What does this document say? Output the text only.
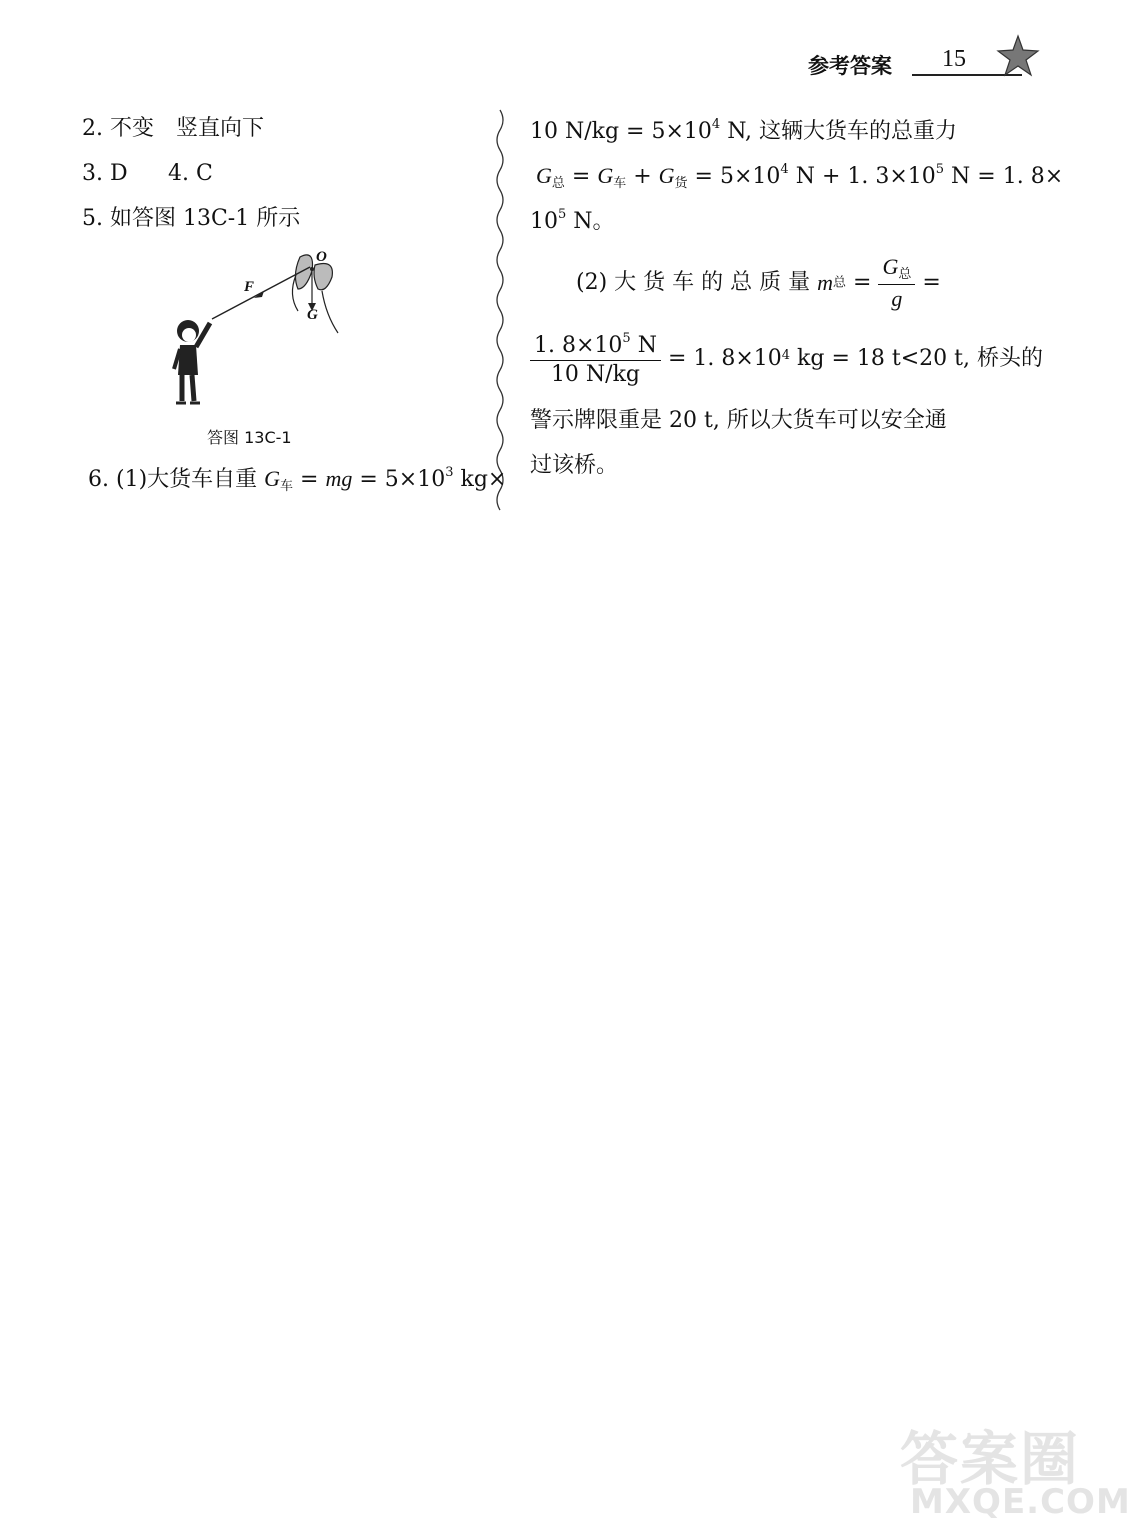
参考答案 15
2. 不变　竖直向下
3. D 4. C
5. 如答图 13C-1 所示
F
O
G
答图 13C-1
6. (1)大货车自重 $G_车$ = mg = $5\times 10^3$ kg×
10 $N/kg = 5\times 10^4$ N, 这辆大货车的总重力
$G_总 = G_车 + G_货 = 5\times 10^4$ N + 1. $3\times 10^5$ N = 1. 8×
$10^5$ N。
(2) 大 货 车 的 总 质 量 m总 = $\frac{G_总}{g}$ =
$\frac{1. 8\times 10^5 N}{10 N/kg} = 1$. $8\times 10^4$ kg = 18 t<20 t, 桥头的
警示牌限重是 20 t, 所以大货车可以安全通
过该桥。
答案圈
MXQE.COM
